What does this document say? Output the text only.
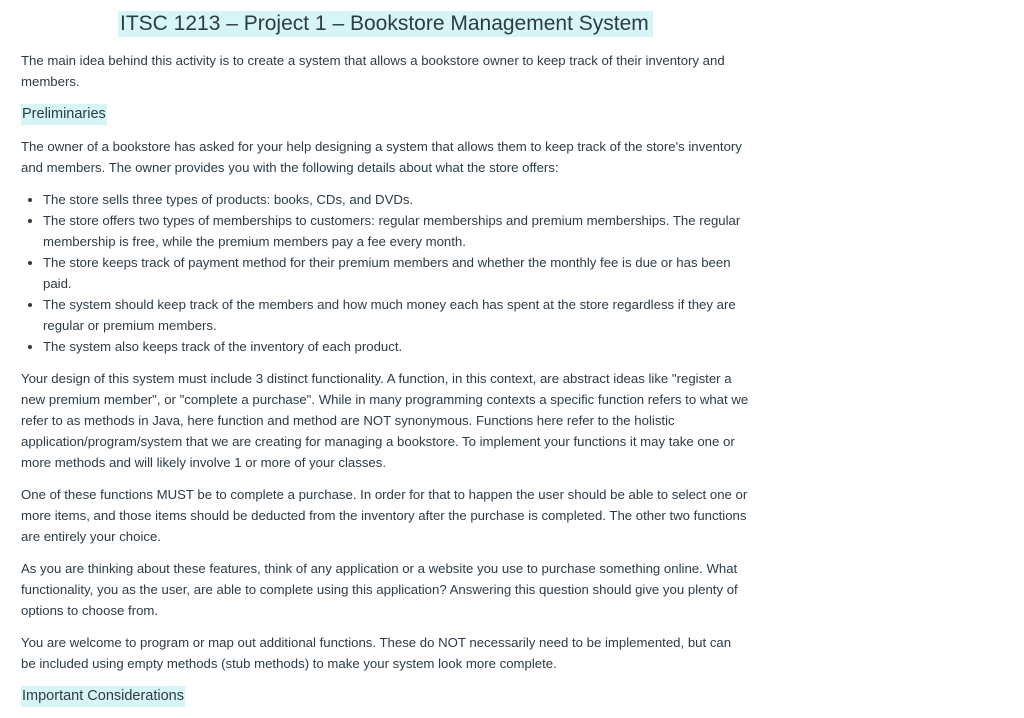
ITSC 1213 – Project 1 – Bookstore Management System

The main idea behind this activity is to create a system that allows a bookstore owner to keep track of their inventory and members.

Preliminaries

The owner of a bookstore has asked for your help designing a system that allows them to keep track of the store's inventory and members. The owner provides you with the following details about what the store offers:

• The store sells three types of products: books, CDs, and DVDs.
• The store offers two types of memberships to customers: regular memberships and premium memberships. The regular membership is free, while the premium members pay a fee every month.
• The store keeps track of payment method for their premium members and whether the monthly fee is due or has been paid.
• The system should keep track of the members and how much money each has spent at the store regardless if they are regular or premium members.
• The system also keeps track of the inventory of each product.

Your design of this system must include 3 distinct functionality. A function, in this context, are abstract ideas like "register a new premium member", or "complete a purchase". While in many programming contexts a specific function refers to what we refer to as methods in Java, here function and method are NOT synonymous. Functions here refer to the holistic application/program/system that we are creating for managing a bookstore. To implement your functions it may take one or more methods and will likely involve 1 or more of your classes.

One of these functions MUST be to complete a purchase. In order for that to happen the user should be able to select one or more items, and those items should be deducted from the inventory after the purchase is completed. The other two functions are entirely your choice.

As you are thinking about these features, think of any application or a website you use to purchase something online. What functionality, you as the user, are able to complete using this application? Answering this question should give you plenty of options to choose from.

You are welcome to program or map out additional functions. These do NOT necessarily need to be implemented, but can be included using empty methods (stub methods) to make your system look more complete.

Important Considerations
